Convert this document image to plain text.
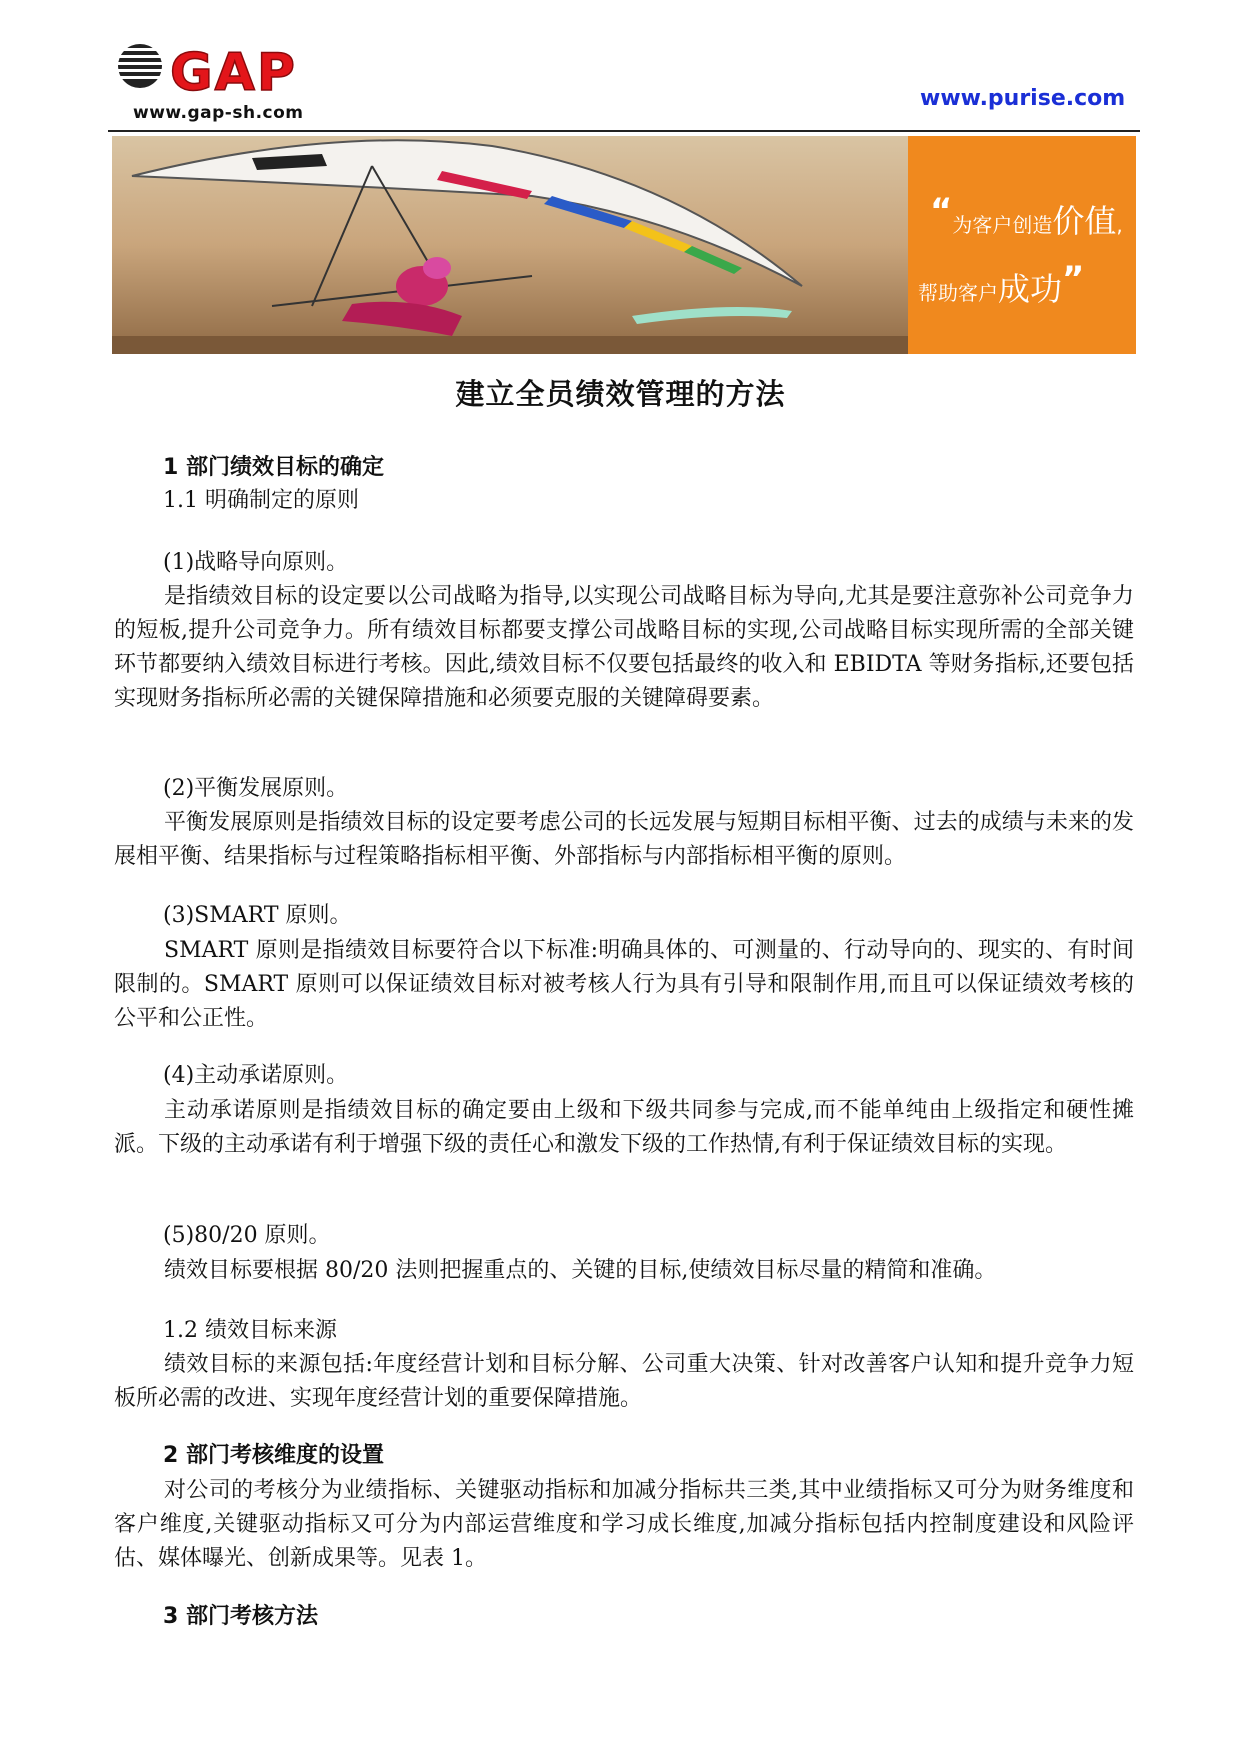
GAP
www.gap-sh.com
www.purise.com
“为客户创造价值,
帮助客户成功”
建立全员绩效管理的方法
1 部门绩效目标的确定
1.1 明确制定的原则
(1)战略导向原则。
是指绩效目标的设定要以公司战略为指导,以实现公司战略目标为导向,尤其是要注意弥补公司竞争力的短板,提升公司竞争力。所有绩效目标都要支撑公司战略目标的实现,公司战略目标实现所需的全部关键环节都要纳入绩效目标进行考核。因此,绩效目标不仅要包括最终的收入和 EBIDTA 等财务指标,还要包括实现财务指标所必需的关键保障措施和必须要克服的关键障碍要素。
(2)平衡发展原则。
平衡发展原则是指绩效目标的设定要考虑公司的长远发展与短期目标相平衡、过去的成绩与未来的发展相平衡、结果指标与过程策略指标相平衡、外部指标与内部指标相平衡的原则。
(3)SMART 原则。
SMART 原则是指绩效目标要符合以下标准:明确具体的、可测量的、行动导向的、现实的、有时间限制的。SMART 原则可以保证绩效目标对被考核人行为具有引导和限制作用,而且可以保证绩效考核的公平和公正性。
(4)主动承诺原则。
主动承诺原则是指绩效目标的确定要由上级和下级共同参与完成,而不能单纯由上级指定和硬性摊派。下级的主动承诺有利于增强下级的责任心和激发下级的工作热情,有利于保证绩效目标的实现。
(5)80/20 原则。
绩效目标要根据 80/20 法则把握重点的、关键的目标,使绩效目标尽量的精简和准确。
1.2 绩效目标来源
绩效目标的来源包括:年度经营计划和目标分解、公司重大决策、针对改善客户认知和提升竞争力短板所必需的改进、实现年度经营计划的重要保障措施。
2 部门考核维度的设置
对公司的考核分为业绩指标、关键驱动指标和加减分指标共三类,其中业绩指标又可分为财务维度和客户维度,关键驱动指标又可分为内部运营维度和学习成长维度,加减分指标包括内控制度建设和风险评估、媒体曝光、创新成果等。见表 1。
3 部门考核方法
